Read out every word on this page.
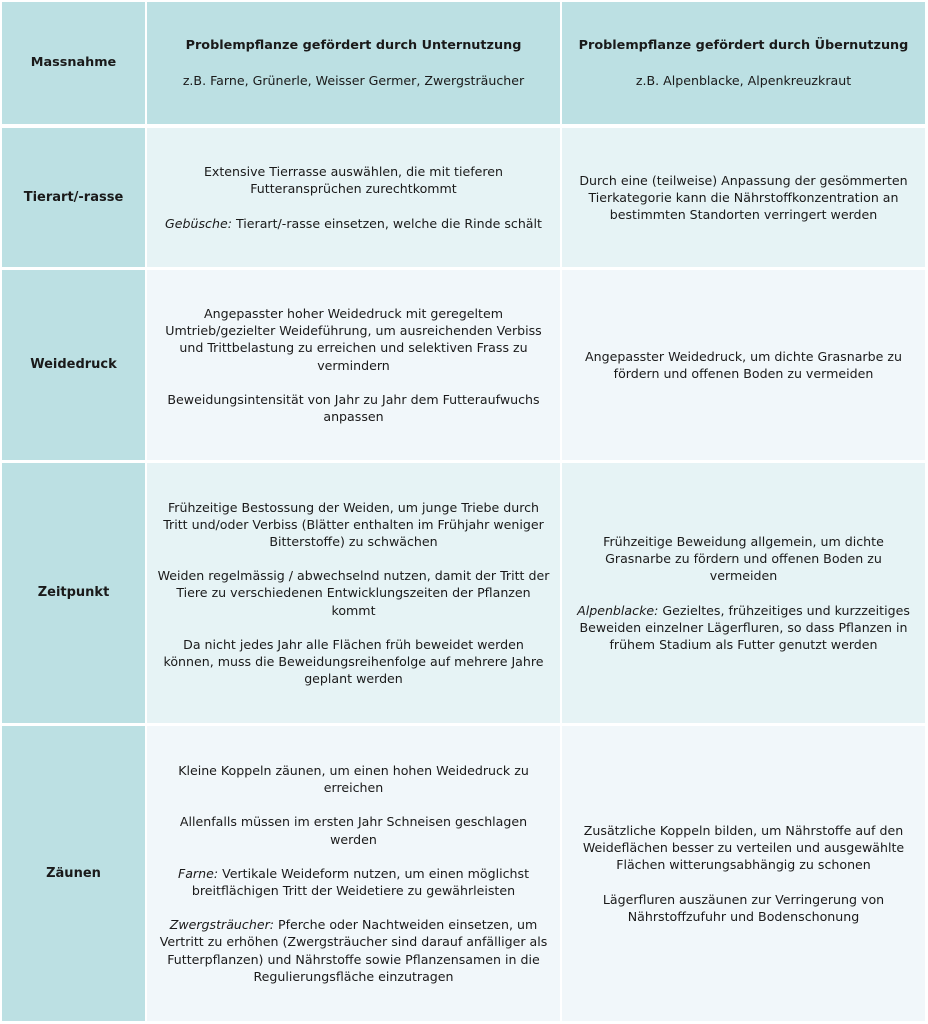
Massnahme
Problempflanze gefördert durch Unternutzung
z.B. Farne, Grünerle, Weisser Germer, Zwergsträucher
Problempflanze gefördert durch Übernutzung
z.B. Alpenblacke, Alpenkreuzkraut
Tierart/-rasse
Extensive Tierrasse auswählen, die mit tieferen Futteransprüchen zurechtkommt
Gebüsche: Tierart/-rasse einsetzen, welche die Rinde schält
Durch eine (teilweise) Anpassung der gesömmerten Tierkategorie kann die Nährstoffkonzentration an bestimmten Standorten verringert werden
Weidedruck
Angepasster hoher Weidedruck mit geregeltem Umtrieb/gezielter Weideführung, um ausreichenden Verbiss und Trittbelastung zu erreichen und selektiven Frass zu vermindern
Beweidungsintensität von Jahr zu Jahr dem Futteraufwuchs anpassen
Angepasster Weidedruck, um dichte Grasnarbe zu fördern und offenen Boden zu vermeiden
Zeitpunkt
Frühzeitige Bestossung der Weiden, um junge Triebe durch Tritt und/oder Verbiss (Blätter enthalten im Frühjahr weniger Bitterstoffe) zu schwächen
Weiden regelmässig / abwechselnd nutzen, damit der Tritt der Tiere zu verschiedenen Entwicklungszeiten der Pflanzen kommt
Da nicht jedes Jahr alle Flächen früh beweidet werden können, muss die Beweidungsreihenfolge auf mehrere Jahre geplant werden
Frühzeitige Beweidung allgemein, um dichte Grasnarbe zu fördern und offenen Boden zu vermeiden
Alpenblacke: Gezieltes, frühzeitiges und kurzzeitiges Beweiden einzelner Lägerfluren, so dass Pflanzen in frühem Stadium als Futter genutzt werden
Zäunen
Kleine Koppeln zäunen, um einen hohen Weidedruck zu erreichen
Allenfalls müssen im ersten Jahr Schneisen geschlagen werden
Farne: Vertikale Weideform nutzen, um einen möglichst breitflächigen Tritt der Weidetiere zu gewährleisten
Zwergsträucher: Pferche oder Nachtweiden einsetzen, um Vertritt zu erhöhen (Zwergsträucher sind darauf anfälliger als Futterpflanzen) und Nährstoffe sowie Pflanzensamen in die Regulierungsfläche einzutragen
Zusätzliche Koppeln bilden, um Nährstoffe auf den Weideflächen besser zu verteilen und ausgewählte Flächen witterungsabhängig zu schonen
Lägerfluren auszäunen zur Verringerung von Nährstoffzufuhr und Bodenschonung
